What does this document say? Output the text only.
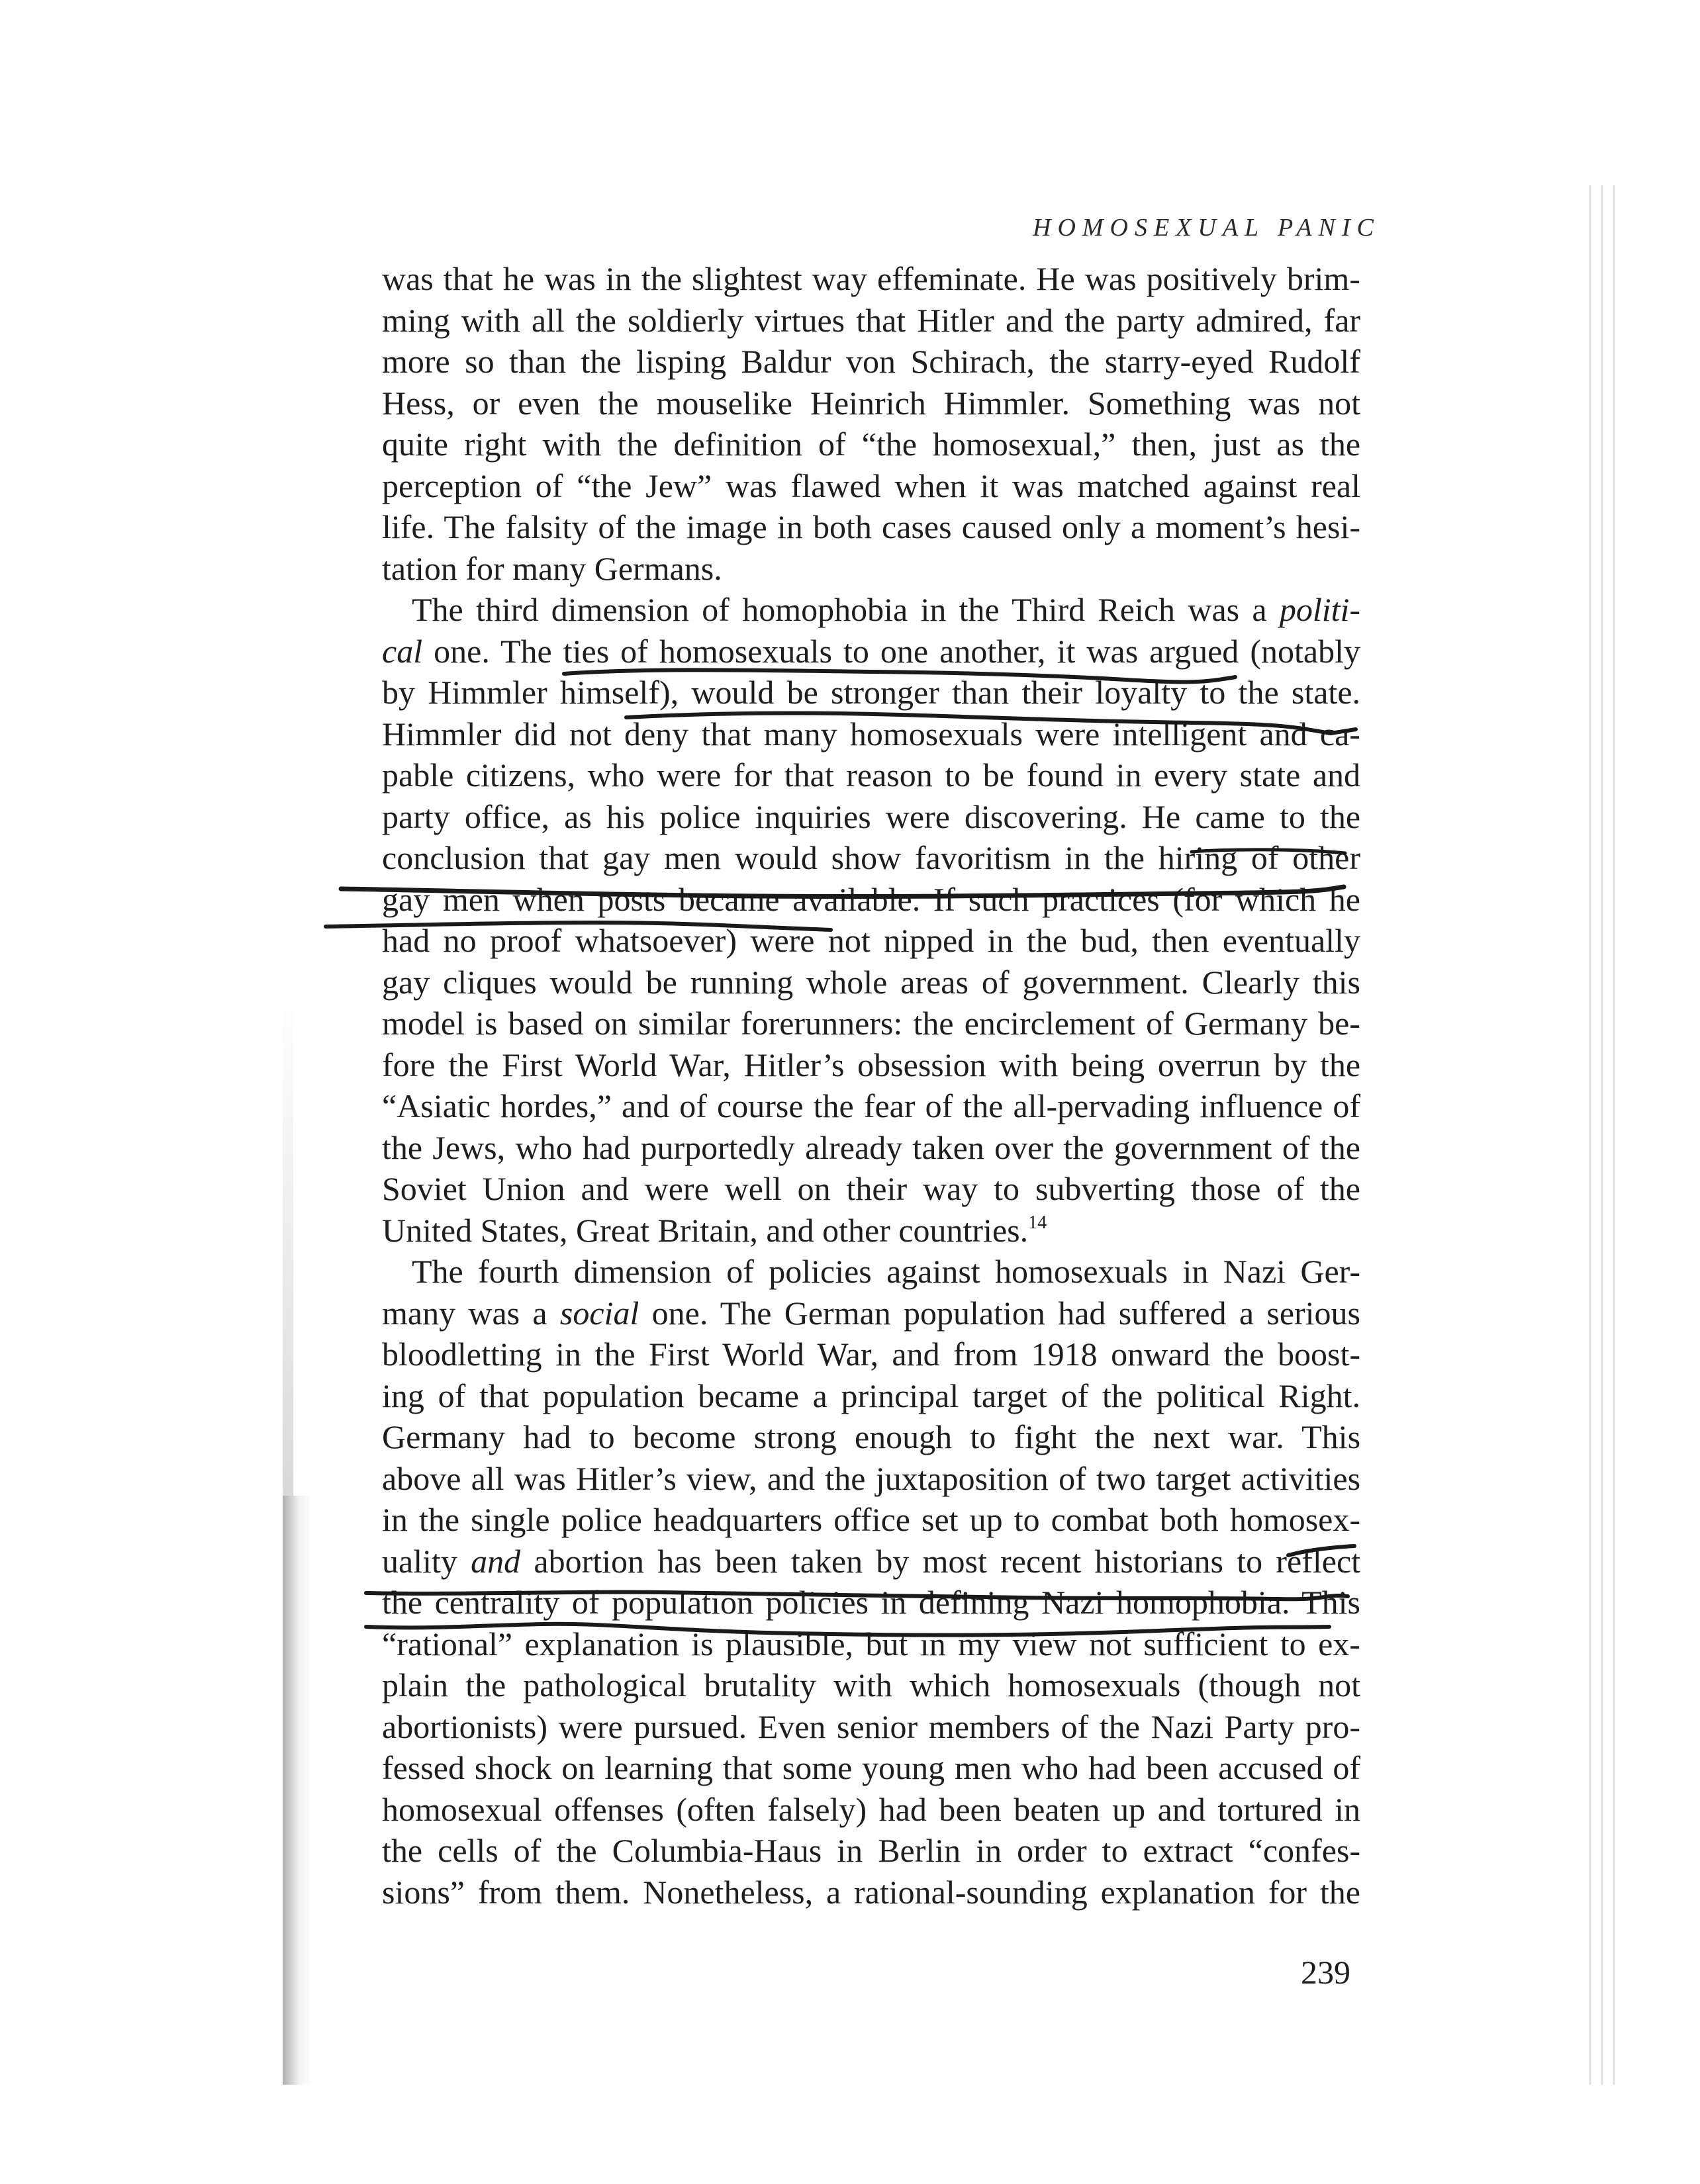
HOMOSEXUAL PANIC
was that he was in the slightest way effeminate. He was positively brim-
ming with all the soldierly virtues that Hitler and the party admired, far
more so than the lisping Baldur von Schirach, the starry-eyed Rudolf
Hess, or even the mouselike Heinrich Himmler. Something was not
quite right with the definition of “the homosexual,” then, just as the
perception of “the Jew” was flawed when it was matched against real
life. The falsity of the image in both cases caused only a moment’s hesi-
tation for many Germans.
The third dimension of homophobia in the Third Reich was a politi-
cal one. The ties of homosexuals to one another, it was argued (notably
by Himmler himself), would be stronger than their loyalty to the state.
Himmler did not deny that many homosexuals were intelligent and ca-
pable citizens, who were for that reason to be found in every state and
party office, as his police inquiries were discovering. He came to the
conclusion that gay men would show favoritism in the hiring of other
gay men when posts became available. If such practices (for which he
had no proof whatsoever) were not nipped in the bud, then eventually
gay cliques would be running whole areas of government. Clearly this
model is based on similar forerunners: the encirclement of Germany be-
fore the First World War, Hitler’s obsession with being overrun by the
“Asiatic hordes,” and of course the fear of the all-pervading influence of
the Jews, who had purportedly already taken over the government of the
Soviet Union and were well on their way to subverting those of the
United States, Great Britain, and other countries.$^{14}$
The fourth dimension of policies against homosexuals in Nazi Ger-
many was a social one. The German population had suffered a serious
bloodletting in the First World War, and from 1918 onward the boost-
ing of that population became a principal target of the political Right.
Germany had to become strong enough to fight the next war. This
above all was Hitler’s view, and the juxtaposition of two target activities
in the single police headquarters office set up to combat both homosex-
uality and abortion has been taken by most recent historians to reflect
the centrality of population policies in defining Nazi homophobia. This
“rational” explanation is plausible, but in my view not sufficient to ex-
plain the pathological brutality with which homosexuals (though not
abortionists) were pursued. Even senior members of the Nazi Party pro-
fessed shock on learning that some young men who had been accused of
homosexual offenses (often falsely) had been beaten up and tortured in
the cells of the Columbia-Haus in Berlin in order to extract “confes-
sions” from them. Nonetheless, a rational-sounding explanation for the
239
